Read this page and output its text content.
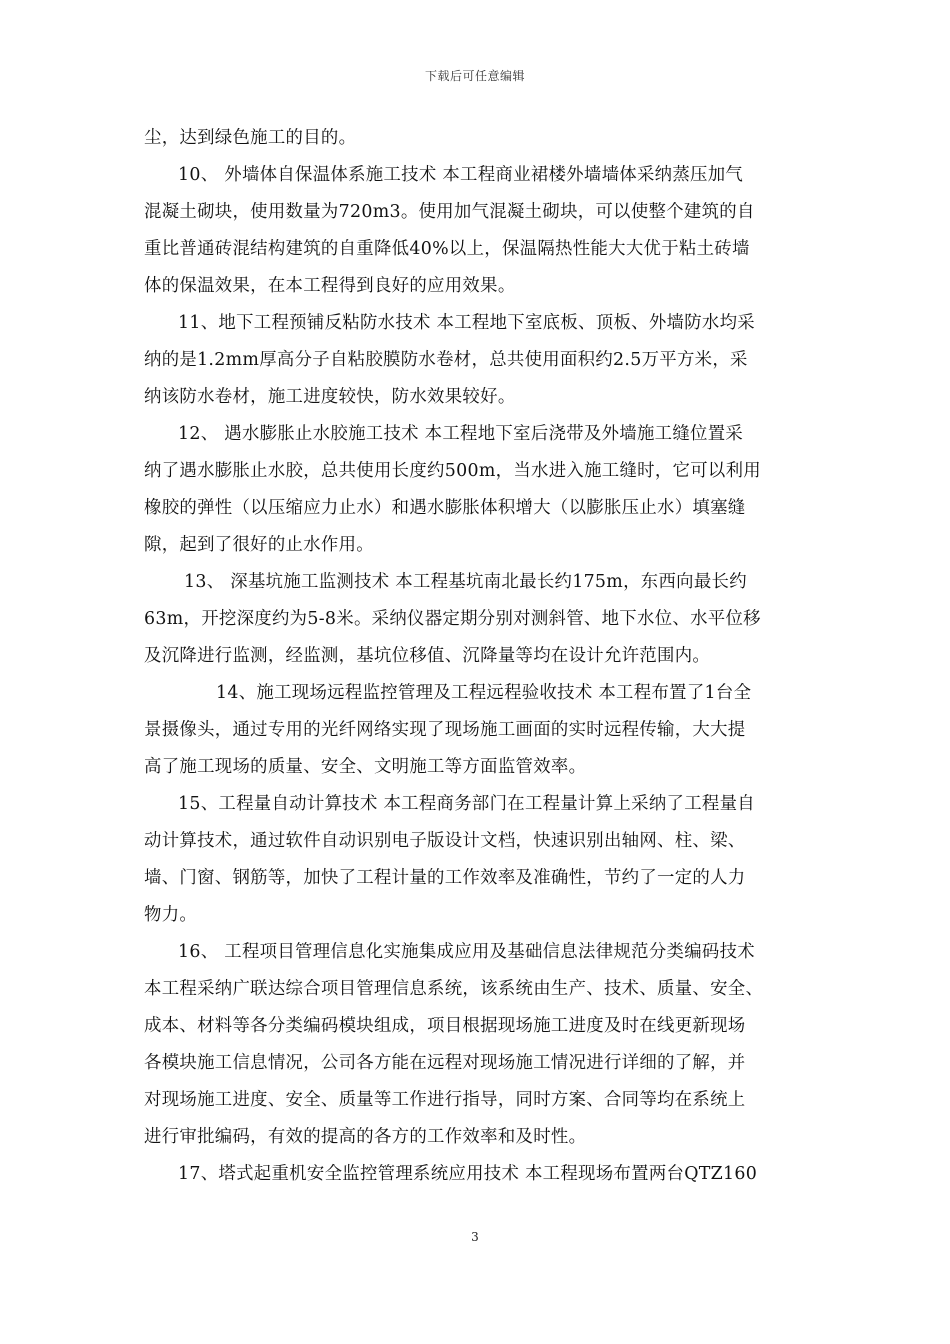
下载后可任意编辑
尘，达到绿色施工的目的。
10、 外墙体自保温体系施工技术 本工程商业裙楼外墙墙体采纳蒸压加气
混凝土砌块，使用数量为720m3。使用加气混凝土砌块，可以使整个建筑的自
重比普通砖混结构建筑的自重降低40%以上，保温隔热性能大大优于粘土砖墙
体的保温效果，在本工程得到良好的应用效果。
11、地下工程预铺反粘防水技术 本工程地下室底板、顶板、外墙防水均采
纳的是1.2mm厚高分子自粘胶膜防水卷材，总共使用面积约2.5万平方米，采
纳该防水卷材，施工进度较快，防水效果较好。
12、 遇水膨胀止水胶施工技术 本工程地下室后浇带及外墙施工缝位置采
纳了遇水膨胀止水胶，总共使用长度约500m，当水进入施工缝时，它可以利用
橡胶的弹性（以压缩应力止水）和遇水膨胀体积增大（以膨胀压止水）填塞缝
隙，起到了很好的止水作用。
13、 深基坑施工监测技术 本工程基坑南北最长约175m，东西向最长约
63m，开挖深度约为5-8米。采纳仪器定期分别对测斜管、地下水位、水平位移
及沉降进行监测，经监测，基坑位移值、沉降量等均在设计允许范围内。
14、施工现场远程监控管理及工程远程验收技术 本工程布置了1台全
景摄像头，通过专用的光纤网络实现了现场施工画面的实时远程传输，大大提
高了施工现场的质量、安全、文明施工等方面监管效率。
15、工程量自动计算技术 本工程商务部门在工程量计算上采纳了工程量自
动计算技术，通过软件自动识别电子版设计文档，快速识别出轴网、柱、梁、
墙、门窗、钢筋等，加快了工程计量的工作效率及准确性，节约了一定的人力
物力。
16、 工程项目管理信息化实施集成应用及基础信息法律规范分类编码技术
本工程采纳广联达综合项目管理信息系统，该系统由生产、技术、质量、安全、
成本、材料等各分类编码模块组成，项目根据现场施工进度及时在线更新现场
各模块施工信息情况，公司各方能在远程对现场施工情况进行详细的了解，并
对现场施工进度、安全、质量等工作进行指导，同时方案、合同等均在系统上
进行审批编码，有效的提高的各方的工作效率和及时性。
17、塔式起重机安全监控管理系统应用技术 本工程现场布置两台QTZ160
3
